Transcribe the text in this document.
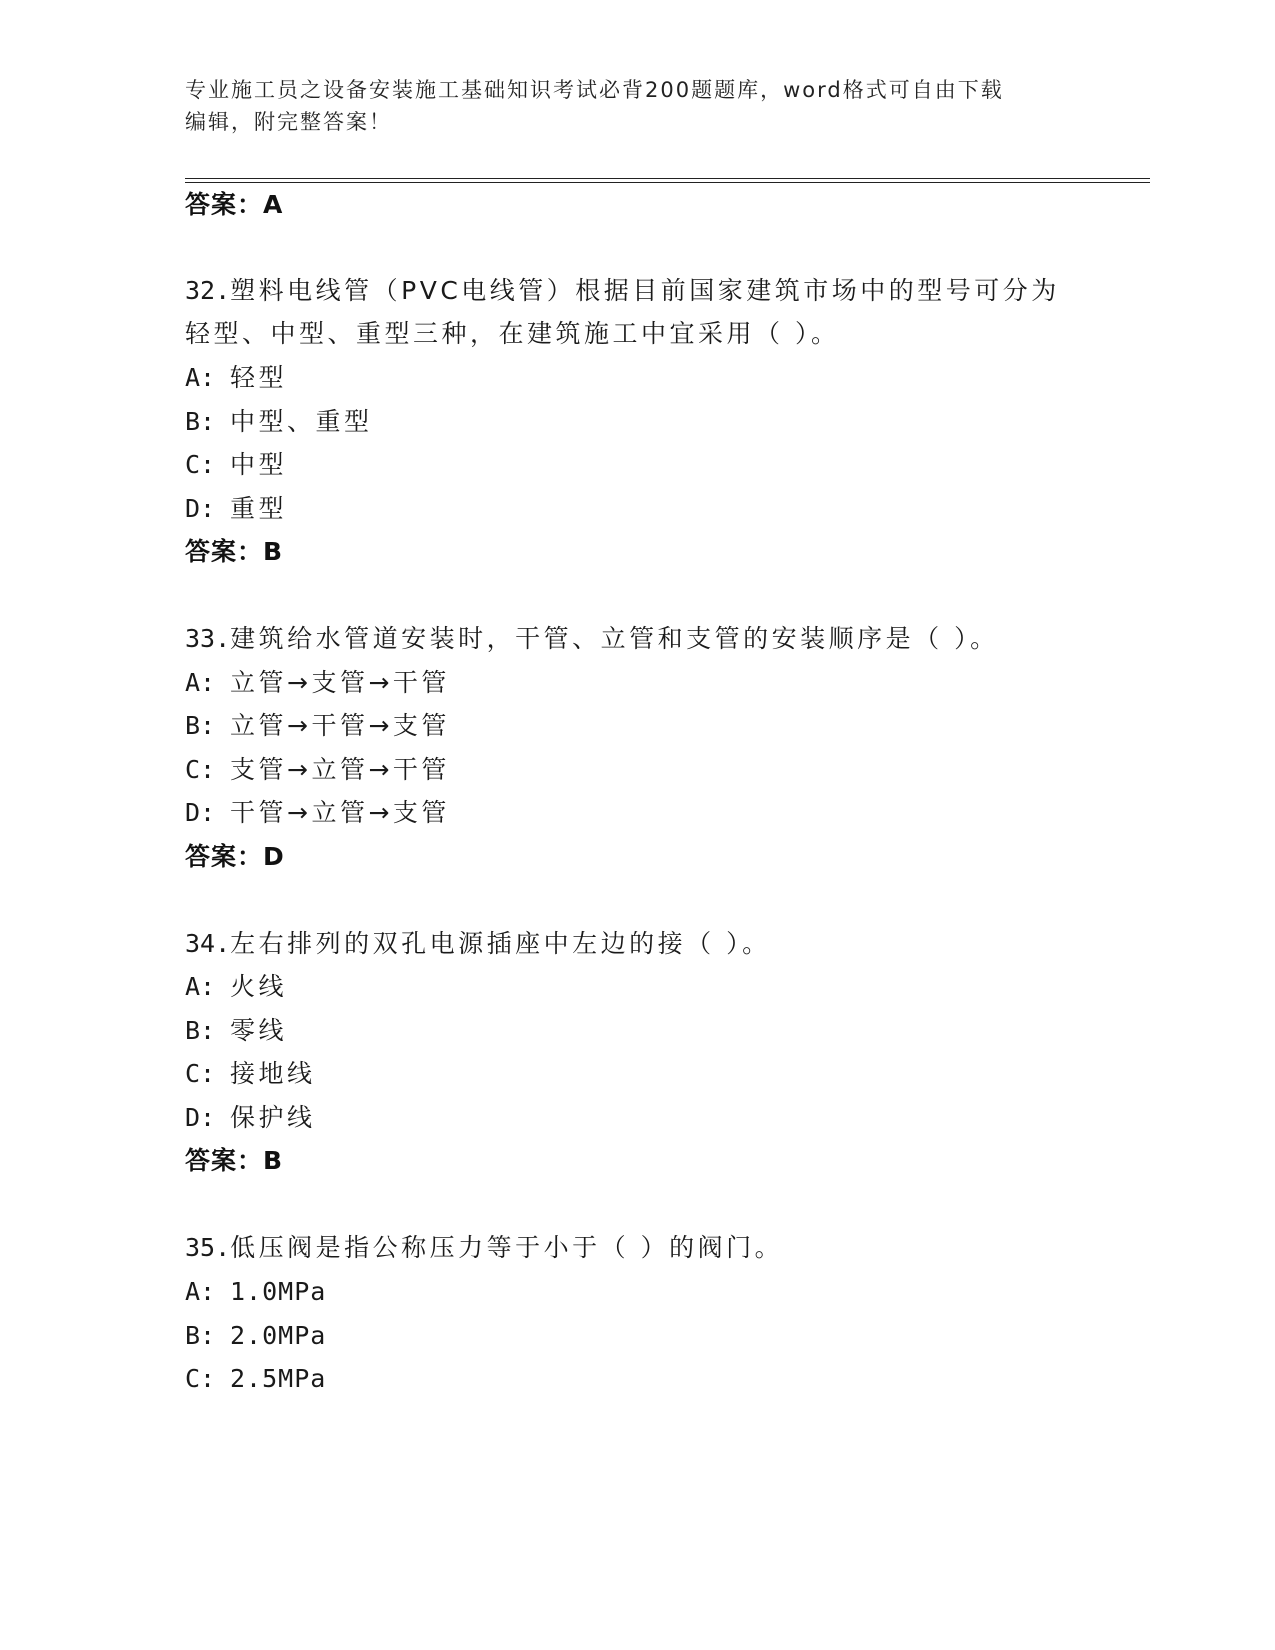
专业施工员之设备安装施工基础知识考试必背200题题库，word格式可自由下载
编辑，附完整答案！
答案：A
32.塑料电线管（PVC电线管）根据目前国家建筑市场中的型号可分为
轻型、中型、重型三种，在建筑施工中宜采用（ ）。
A: 轻型
B: 中型、重型
C: 中型
D: 重型
答案：B
33.建筑给水管道安装时，干管、立管和支管的安装顺序是（ ）。
A: 立管→支管→干管
B: 立管→干管→支管
C: 支管→立管→干管
D: 干管→立管→支管
答案：D
34.左右排列的双孔电源插座中左边的接（ ）。
A: 火线
B: 零线
C: 接地线
D: 保护线
答案：B
35.低压阀是指公称压力等于小于（ ）的阀门。
A: 1.0MPa
B: 2.0MPa
C: 2.5MPa
